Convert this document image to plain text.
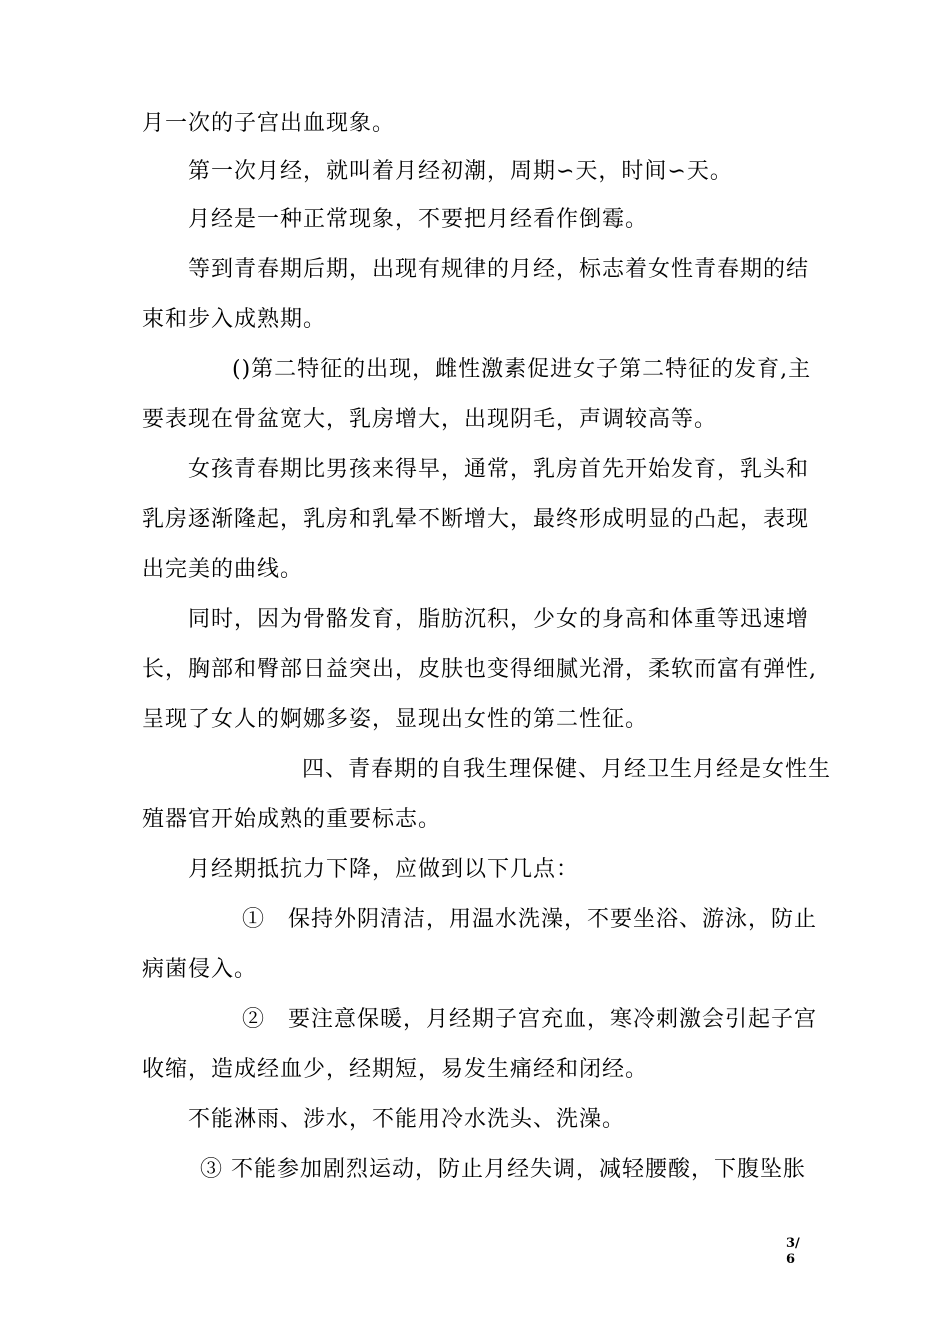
月一次的子宫出血现象。

第一次月经，就叫着月经初潮，周期∽天，时间∽天。

月经是一种正常现象，不要把月经看作倒霉。

等到青春期后期，出现有规律的月经，标志着女性青春期的结

束和步入成熟期。

()第二特征的出现，雌性激素促进女子第二特征的发育,主

要表现在骨盆宽大，乳房增大，出现阴毛，声调较高等。

女孩青春期比男孩来得早，通常，乳房首先开始发育，乳头和

乳房逐渐隆起，乳房和乳晕不断增大，最终形成明显的凸起，表现

出完美的曲线。

同时，因为骨骼发育，脂肪沉积，少女的身高和体重等迅速增

长，胸部和臀部日益突出，皮肤也变得细腻光滑，柔软而富有弹性,

呈现了女人的婀娜多姿，显现出女性的第二性征。

四、青春期的自我生理保健、月经卫生月经是女性生

殖器官开始成熟的重要标志。

月经期抵抗力下降，应做到以下几点：

①　保持外阴清洁，用温水洗澡，不要坐浴、游泳，防止

病菌侵入。

②　要注意保暖，月经期子宫充血，寒冷刺激会引起子宫

收缩，造成经血少，经期短，易发生痛经和闭经。

不能淋雨、涉水，不能用冷水洗头、洗澡。

③ 不能参加剧烈运动，防止月经失调，减轻腰酸，下腹坠胀

3/
6
